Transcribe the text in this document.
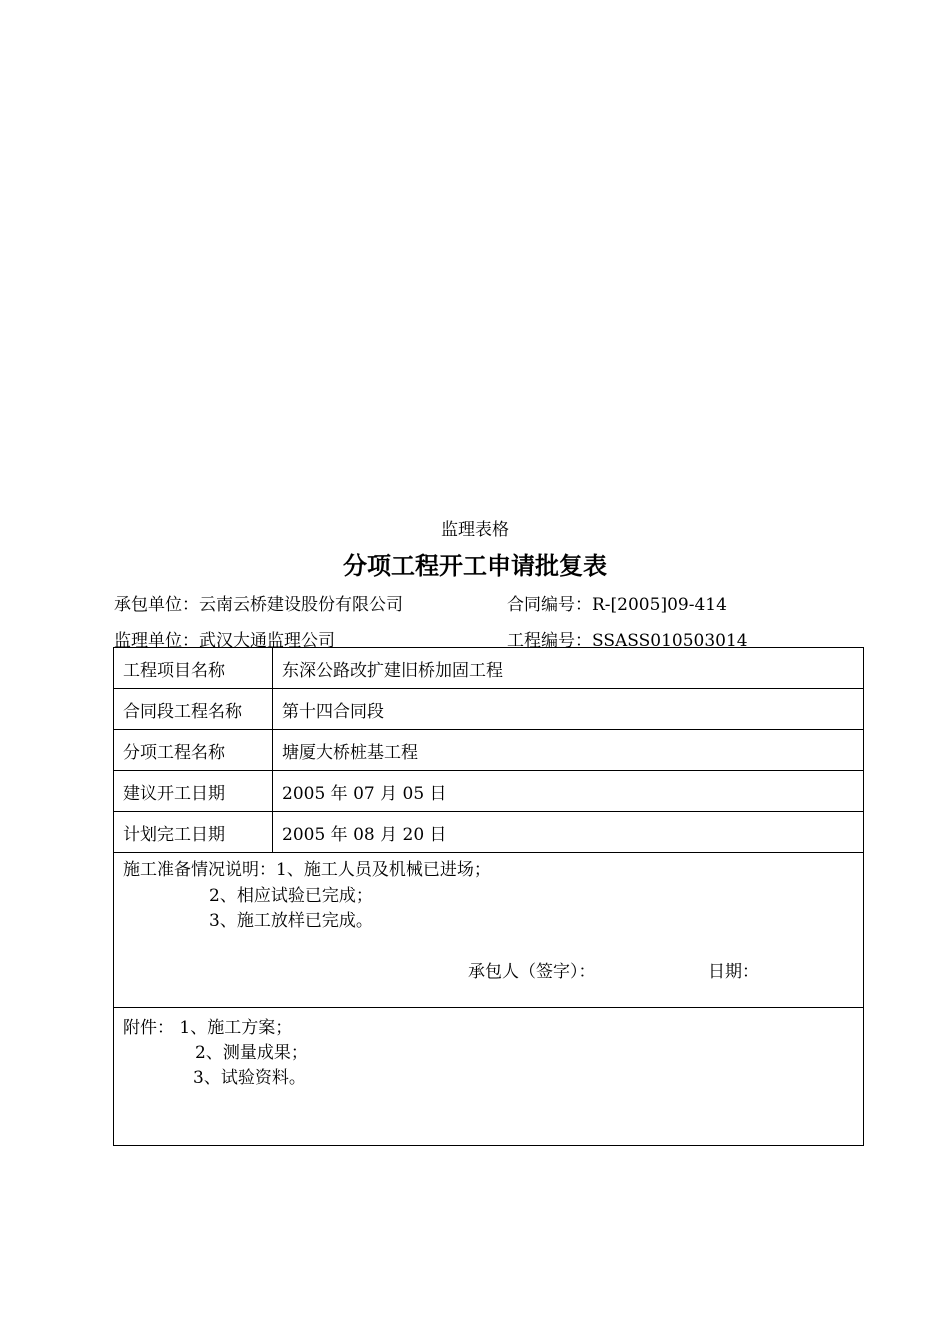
监理表格
分项工程开工申请批复表
承包单位：云南云桥建设股份有限公司	合同编号：R-[2005]09-414
监理单位：武汉大通监理公司	工程编号：SSASS010503014
工程项目名称	东深公路改扩建旧桥加固工程
合同段工程名称	第十四合同段
分项工程名称	塘厦大桥桩基工程
建议开工日期	2005 年 07 月 05 日
计划完工日期	2005 年 08 月 20 日

施工准备情况说明：1、施工人员及机械已进场；
2、相应试验已完成；
3、施工放样已完成。
承包人（签字）： 日期：	

附件： 1、施工方案；
2、测量成果；
3、试验资料。	
